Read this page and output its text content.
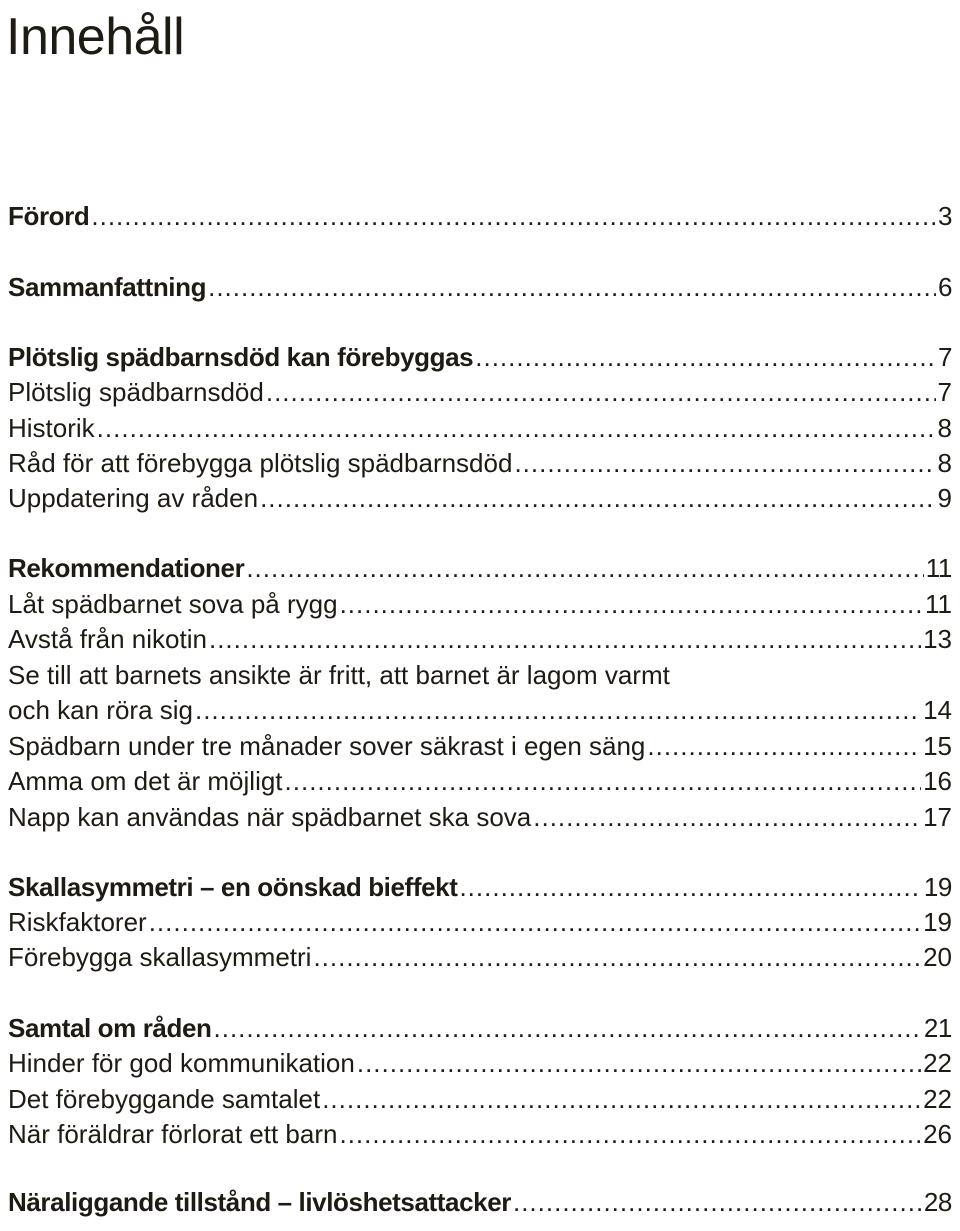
Innehåll
Förord .....	3
Sammanfattning .....	6
Plötslig spädbarnsdöd kan förebyggas .....	7
Plötslig spädbarnsdöd .....	7
Historik .....	8
Råd för att förebygga plötslig spädbarnsdöd .....	8
Uppdatering av råden .....	9
Rekommendationer .....	11
Låt spädbarnet sova på rygg .....	11
Avstå från nikotin .....	13
Se till att barnets ansikte är fritt, att barnet är lagom varmt
och kan röra sig .....	14
Spädbarn under tre månader sover säkrast i egen säng .....	15
Amma om det är möjligt .....	16
Napp kan användas när spädbarnet ska sova .....	17
Skallasymmetri – en oönskad bieffekt .....	19
Riskfaktorer .....	19
Förebygga skallasymmetri .....	20
Samtal om råden .....	21
Hinder för god kommunikation .....	22
Det förebyggande samtalet .....	22
När föräldrar förlorat ett barn .....	26
Näraliggande tillstånd – livlöshetsattacker .....	28
